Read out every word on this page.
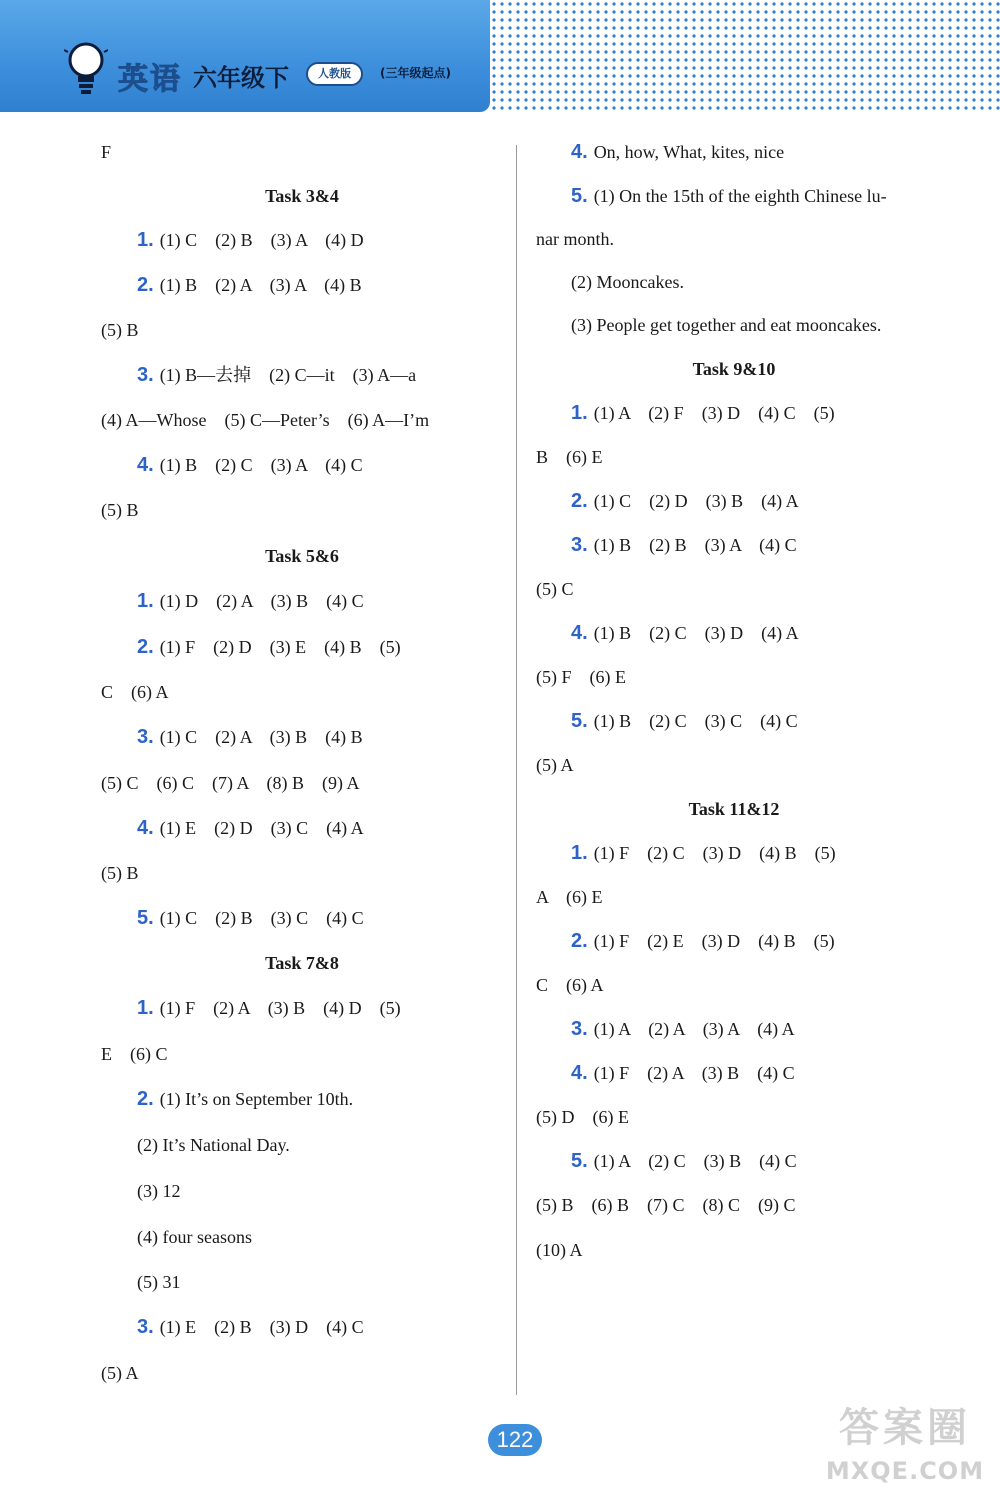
英语 六年级下	人教版	(三年级起点)
F
Task 3&4
1. (1) C    (2) B    (3) A    (4) D
2. (1) B    (2) A    (3) A    (4) B
(5) B
3. (1) B—去掉    (2) C—it    (3) A—a
(4) A—Whose    (5) C—Peter’s    (6) A—I’m
4. (1) B    (2) C    (3) A    (4) C
(5) B
Task 5&6
1. (1) D    (2) A    (3) B    (4) C
2. (1) F    (2) D    (3) E    (4) B    (5)
C    (6) A
3. (1) C    (2) A    (3) B    (4) B
(5) C    (6) C    (7) A    (8) B    (9) A
4. (1) E    (2) D    (3) C    (4) A
(5) B
5. (1) C    (2) B    (3) C    (4) C
Task 7&8
1. (1) F    (2) A    (3) B    (4) D    (5)
E    (6) C
2. (1) It’s on September 10th.
(2) It’s National Day.
(3) 12
(4) four seasons
(5) 31
3. (1) E    (2) B    (3) D    (4) C
(5) A
4. On, how, What, kites, nice
5. (1) On the 15th of the eighth Chinese lu-
nar month.
(2) Mooncakes.
(3) People get together and eat mooncakes.
Task 9&10
1. (1) A    (2) F    (3) D    (4) C    (5)
B    (6) E
2. (1) C    (2) D    (3) B    (4) A
3. (1) B    (2) B    (3) A    (4) C
(5) C
4. (1) B    (2) C    (3) D    (4) A
(5) F    (6) E
5. (1) B    (2) C    (3) C    (4) C
(5) A
Task 11&12
1. (1) F    (2) C    (3) D    (4) B    (5)
A    (6) E
2. (1) F    (2) E    (3) D    (4) B    (5)
C    (6) A
3. (1) A    (2) A    (3) A    (4) A
4. (1) F    (2) A    (3) B    (4) C
(5) D    (6) E
5. (1) A    (2) C    (3) B    (4) C
(5) B    (6) B    (7) C    (8) C    (9) C
(10) A
122	答案圈
MXQE.COM
